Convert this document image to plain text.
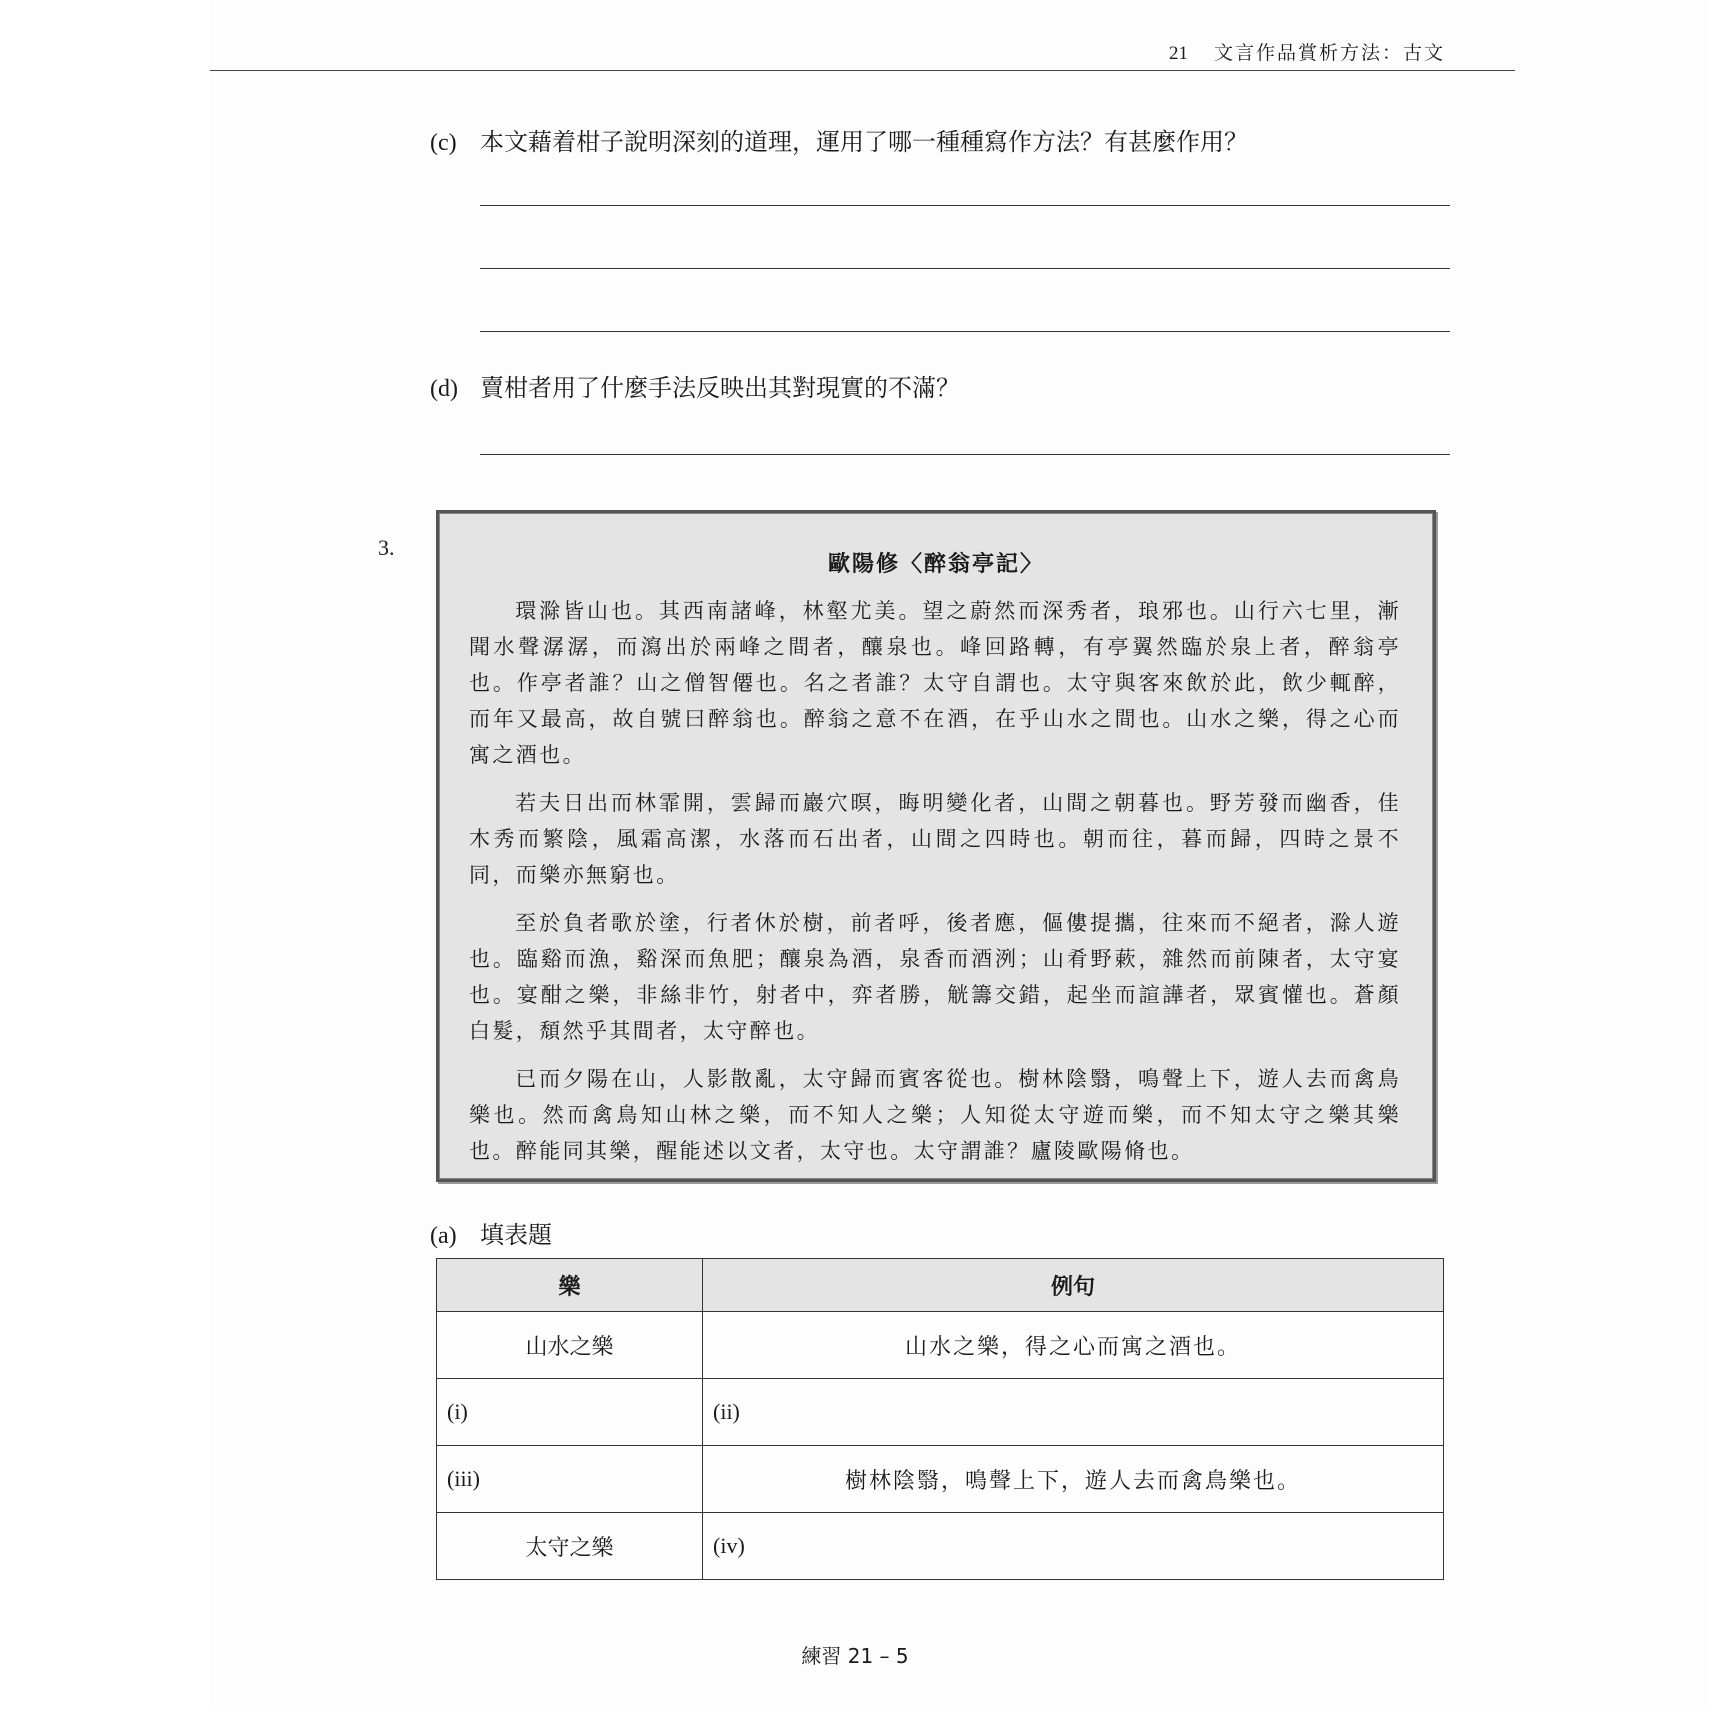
21 文言作品賞析方法：古文
(c) 本文藉着柑子說明深刻的道理，運用了哪一種種寫作方法？有甚麼作用？
(d) 賣柑者用了什麼手法反映出其對現實的不滿？
3.
歐陽修〈醉翁亭記〉

環滁皆山也。其西南諸峰，林壑尤美。望之蔚然而深秀者，琅邪也。山行六七里，漸聞水聲潺潺，而瀉出於兩峰之間者，釀泉也。峰回路轉，有亭翼然臨於泉上者，醉翁亭也。作亭者誰？山之僧智僊也。名之者誰？太守自謂也。太守與客來飲於此，飲少輒醉，而年又最高，故自號曰醉翁也。醉翁之意不在酒，在乎山水之間也。山水之樂，得之心而寓之酒也。

若夫日出而林霏開，雲歸而巖穴暝，晦明變化者，山間之朝暮也。野芳發而幽香，佳木秀而繁陰，風霜高潔，水落而石出者，山間之四時也。朝而往，暮而歸，四時之景不同，而樂亦無窮也。

至於負者歌於塗，行者休於樹，前者呼，後者應，傴僂提攜，往來而不絕者，滁人遊也。臨谿而漁，谿深而魚肥；釀泉為酒，泉香而酒洌；山肴野蔌，雜然而前陳者，太守宴也。宴酣之樂，非絲非竹，射者中，弈者勝，觥籌交錯，起坐而諠譁者，眾賓懽也。蒼顏白髮，頹然乎其間者，太守醉也。

已而夕陽在山，人影散亂，太守歸而賓客從也。樹林陰翳，鳴聲上下，遊人去而禽鳥樂也。然而禽鳥知山林之樂，而不知人之樂；人知從太守遊而樂，而不知太守之樂其樂也。醉能同其樂，醒能述以文者，太守也。太守謂誰？廬陵歐陽脩也。

(a) 填表題
樂	例句
山水之樂	山水之樂，得之心而寓之酒也。
(i)	(ii)
(iii)	樹林陰翳，鳴聲上下，遊人去而禽鳥樂也。
太守之樂	(iv)
練習 21 – 5
